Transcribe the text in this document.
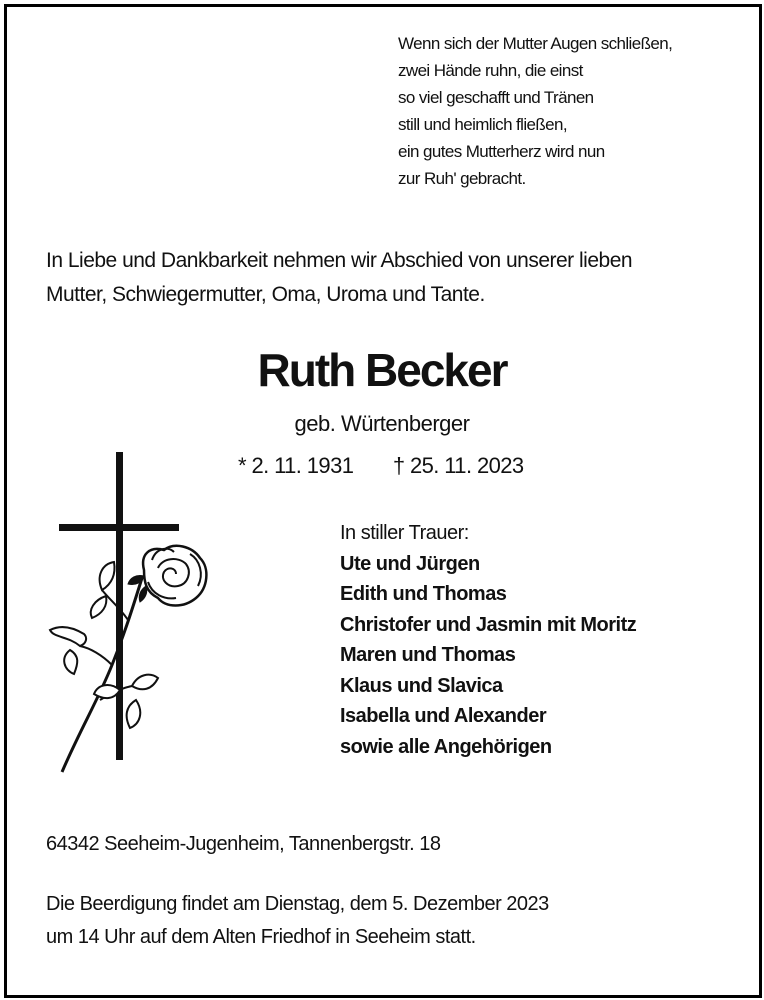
Wenn sich der Mutter Augen schließen,
zwei Hände ruhn, die einst
so viel geschafft und Tränen
still und heimlich fließen,
ein gutes Mutterherz wird nun
zur Ruh' gebracht.
In Liebe und Dankbarkeit nehmen wir Abschied von unserer lieben
Mutter, Schwiegermutter, Oma, Uroma und Tante.
Ruth Becker
geb. Würtenberger
* 2. 11. 1931 † 25. 11. 2023
In stiller Trauer:
Ute und Jürgen
Edith und Thomas
Christofer und Jasmin mit Moritz
Maren und Thomas
Klaus und Slavica
Isabella und Alexander
sowie alle Angehörigen
64342 Seeheim-Jugenheim, Tannenbergstr. 18
Die Beerdigung findet am Dienstag, dem 5. Dezember 2023
um 14 Uhr auf dem Alten Friedhof in Seeheim statt.
